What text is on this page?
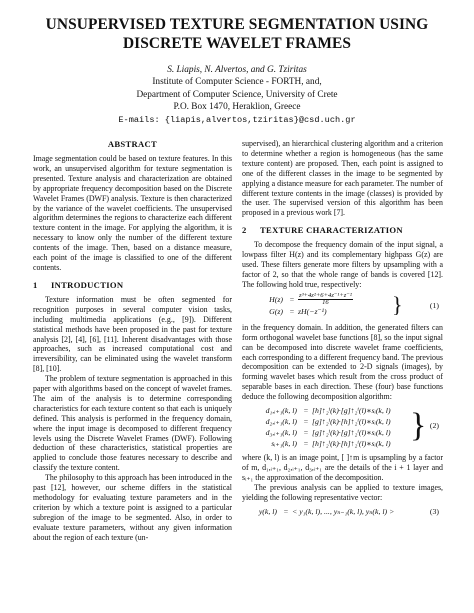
UNSUPERVISED TEXTURE SEGMENTATION USING
DISCRETE WAVELET FRAMES
S. Liapis, N. Alvertos, and G. Tziritas
Institute of Computer Science - FORTH, and,
Department of Computer Science, University of Crete
P.O. Box 1470, Heraklion, Greece
E-mails: {liapis,alvertos,tziritas}@csd.uch.gr
ABSTRACT
Image segmentation could be based on texture features. In this work, an unsupervised algorithm for texture segmentation is presented. Texture analysis and characterization are obtained by appropriate frequency decomposition based on the Discrete Wavelet Frames (DWF) analysis. Texture is then characterized by the variance of the wavelet coefficients. The unsupervised algorithm determines the regions to characterize each different texture content in the image. For applying the algorithm, it is necessary to know only the number of the different texture contents of the image. Then, based on a distance measure, each point of the image is classified to one of the different contents.
1 INTRODUCTION
Texture information must be often segmented for recognition purposes in several computer vision tasks, including multimedia applications (e.g., [9]). Different statistical methods have been proposed in the past for texture analysis [2], [4], [6], [11]. Inherent disadvantages with those approaches, such as increased computational cost and irreversibility, can be eliminated using the wavelet transform [8], [10].
The problem of texture segmentation is approached in this paper with algorithms based on the concept of wavelet frames. The aim of the analysis is to determine corresponding characteristics for each texture content so that each is uniquely defined. This analysis is performed in the frequency domain, where the input image is decomposed to different frequency levels using the Discrete Wavelet Frames (DWF). Following deduction of these characteristics, statistical properties are applied to conclude those features necessary to describe and classify the texture content.
The philosophy to this approach has been introduced in the past [12], however, our scheme differs in the statistical methodology for evaluating texture parameters and in the criterion by which a texture point is assigned to a particular subregion of the image to be segmented. Also, in order to evaluate texture parameters, without any given information about the region of each texture (un-
supervised), an hierarchical clustering algorithm and a criterion to determine whether a region is homogeneous (has the same texture content) are proposed. Then, each point is assigned to one of the different classes in the image to be segmented by applying a distance measure for each parameter. The number of different texture contents in the image (classes) is provided by the user. The supervised version of this algorithm has been proposed in a previous work [7].
2 TEXTURE CHARACTERIZATION
To decompose the frequency domain of the input signal, a lowpass filter H(z) and its complementary highpass G(z) are used. These filters generate more filters by upsampling with a factor of 2, so that the whole range of bands is covered [12]. The following hold true, respectively:
$H(z) = \frac{\text{z³+4z²+6+4z⁻¹+z⁻²}}{16}$
G(z) = zH(−z⁻¹)	}	(1)
in the frequency domain. In addition, the generated filters can form orthogonal wavelet base functions [8], so the input signal can be decomposed into discrete wavelet frame coefficients, each corresponding to a different frequency band. The previous decomposition can be extended to 2-D signals (images), by forming wavelet bases which result from the cross product of separable bases in each direction. These (four) base functions deduce the following decomposition algorithm:
d₁,ᵢ₊₁(k, l) = [h]↑₂ⁱ(k)·[g]↑₂ⁱ(l)∗sᵢ(k, l)
d₂,ᵢ₊₁(k, l) = [g]↑₂ⁱ(k)·[h]↑₂ⁱ(l)∗sᵢ(k, l)
d₃,ᵢ₊₁(k, l) = [g]↑₂ⁱ(k)·[g]↑₂ⁱ(l)∗sᵢ(k, l)
sᵢ₊₁(k, l) = [h]↑₂ⁱ(k)·[h]↑₂ⁱ(l)∗sᵢ(k, l) } (2)
where (k, l) is an image point, [ ]↑m is upsampling by a factor of m, d₁,ᵢ₊₁, d₂,ᵢ₊₁, d₃,ᵢ₊₁ are the details of the i + 1 layer and sᵢ₊₁ the approximation of the decomposition.
The previous analysis can be applied to texture images, yielding the following representative vector:
y(k, l) = < y₁(k, l), ..., yₙ₋₁(k, l), yₙ(k, l) >	(3)
